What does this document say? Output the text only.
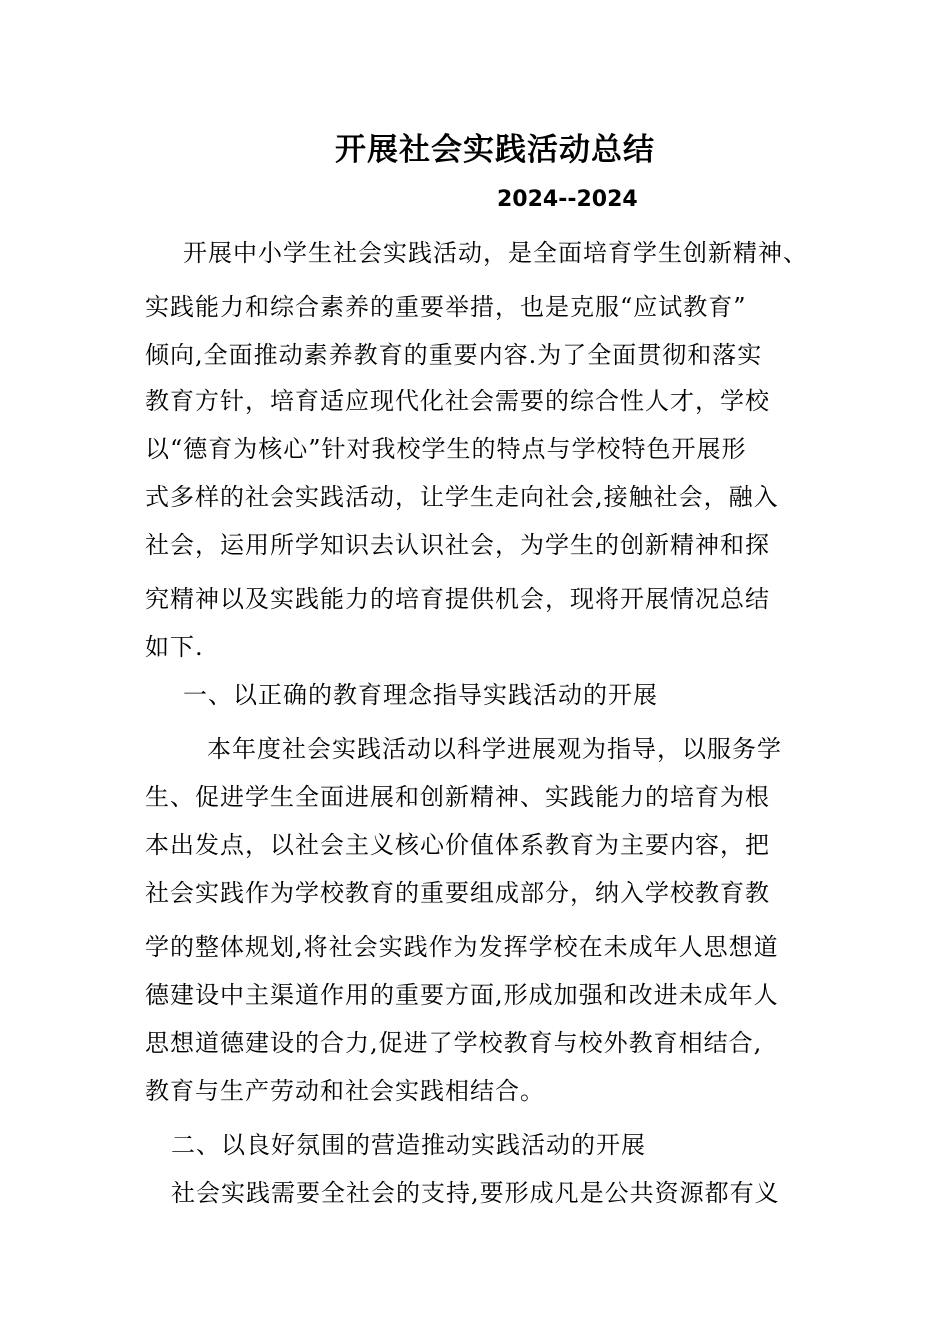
开展社会实践活动总结
2024--2024
开展中小学生社会实践活动，是全面培育学生创新精神、
实践能力和综合素养的重要举措，也是克服“应试教育”
倾向,全面推动素养教育的重要内容.为了全面贯彻和落实
教育方针，培育适应现代化社会需要的综合性人才，学校
以“德育为核心”针对我校学生的特点与学校特色开展形
式多样的社会实践活动，让学生走向社会,接触社会，融入
社会，运用所学知识去认识社会，为学生的创新精神和探
究精神以及实践能力的培育提供机会，现将开展情况总结
如下.
一、以正确的教育理念指导实践活动的开展
本年度社会实践活动以科学进展观为指导，以服务学
生、促进学生全面进展和创新精神、实践能力的培育为根
本出发点，以社会主义核心价值体系教育为主要内容，把
社会实践作为学校教育的重要组成部分，纳入学校教育教
学的整体规划,将社会实践作为发挥学校在未成年人思想道
德建设中主渠道作用的重要方面,形成加强和改进未成年人
思想道德建设的合力,促进了学校教育与校外教育相结合,
教育与生产劳动和社会实践相结合。
二、以良好氛围的营造推动实践活动的开展
社会实践需要全社会的支持,要形成凡是公共资源都有义
